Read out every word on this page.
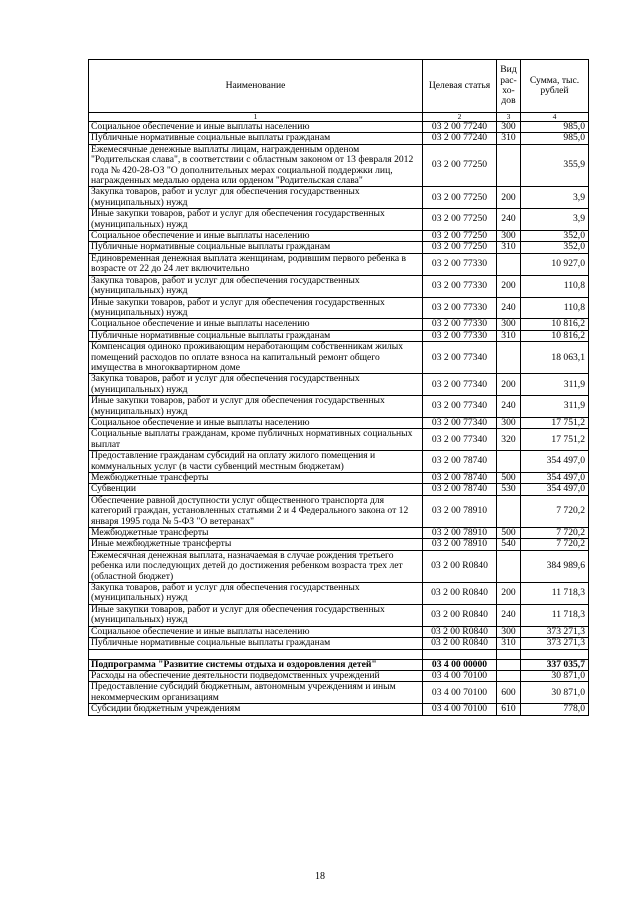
Наименование	Целевая статья	Вид рас- хо- дов	Сумма, тыс. рублей
1	2	3	4
Социальное обеспечение и иные выплаты населению	03 2 00 77240	300	985,0
Публичные нормативные социальные выплаты гражданам	03 2 00 77240	310	985,0
Ежемесячные денежные выплаты лицам, награжденным орденом "Родительская слава", в соответствии с областным законом от 13 февраля 2012 года № 420-28-ОЗ "О дополнительных мерах социальной поддержки лиц, награжденных медалью ордена или орденом "Родительская слава"	03 2 00 77250		355,9
Закупка товаров, работ и услуг для обеспечения государственных (муниципальных) нужд	03 2 00 77250	200	3,9
Иные закупки товаров, работ и услуг для обеспечения государственных (муниципальных) нужд	03 2 00 77250	240	3,9
Социальное обеспечение и иные выплаты населению	03 2 00 77250	300	352,0
Публичные нормативные социальные выплаты гражданам	03 2 00 77250	310	352,0
Единовременная денежная выплата женщинам, родившим первого ребенка в возрасте от 22 до 24 лет включительно	03 2 00 77330		10 927,0
Закупка товаров, работ и услуг для обеспечения государственных (муниципальных) нужд	03 2 00 77330	200	110,8
Иные закупки товаров, работ и услуг для обеспечения государственных (муниципальных) нужд	03 2 00 77330	240	110,8
Социальное обеспечение и иные выплаты населению	03 2 00 77330	300	10 816,2
Публичные нормативные социальные выплаты гражданам	03 2 00 77330	310	10 816,2
Компенсация одиноко проживающим неработающим собственникам жилых помещений расходов по оплате взноса на капитальный ремонт общего имущества в многоквартирном доме	03 2 00 77340		18 063,1
Закупка товаров, работ и услуг для обеспечения государственных (муниципальных) нужд	03 2 00 77340	200	311,9
Иные закупки товаров, работ и услуг для обеспечения государственных (муниципальных) нужд	03 2 00 77340	240	311,9
Социальное обеспечение и иные выплаты населению	03 2 00 77340	300	17 751,2
Социальные выплаты гражданам, кроме публичных нормативных социальных выплат	03 2 00 77340	320	17 751,2
Предоставление гражданам субсидий на оплату жилого помещения и коммунальных услуг (в части субвенций местным бюджетам)	03 2 00 78740		354 497,0
Межбюджетные трансферты	03 2 00 78740	500	354 497,0
Субвенции	03 2 00 78740	530	354 497,0
Обеспечение равной доступности услуг общественного транспорта для категорий граждан, установленных статьями 2 и 4 Федерального закона от 12 января 1995 года № 5-ФЗ "О ветеранах"	03 2 00 78910		7 720,2
Межбюджетные трансферты	03 2 00 78910	500	7 720,2
Иные межбюджетные трансферты	03 2 00 78910	540	7 720,2
Ежемесячная денежная выплата, назначаемая в случае рождения третьего ребенка или последующих детей до достижения ребенком возраста трех лет (областной бюджет)	03 2 00 R0840		384 989,6
Закупка товаров, работ и услуг для обеспечения государственных (муниципальных) нужд	03 2 00 R0840	200	11 718,3
Иные закупки товаров, работ и услуг для обеспечения государственных (муниципальных) нужд	03 2 00 R0840	240	11 718,3
Социальное обеспечение и иные выплаты населению	03 2 00 R0840	300	373 271,3
Публичные нормативные социальные выплаты гражданам	03 2 00 R0840	310	373 271,3

Подпрограмма "Развитие системы отдыха и оздоровления детей"	03 4 00 00000		337 035,7
Расходы на обеспечение деятельности подведомственных учреждений	03 4 00 70100		30 871,0
Предоставление субсидий бюджетным, автономным учреждениям и иным некоммерческим организациям	03 4 00 70100	600	30 871,0
Субсидии бюджетным учреждениям	03 4 00 70100	610	778,0
18
